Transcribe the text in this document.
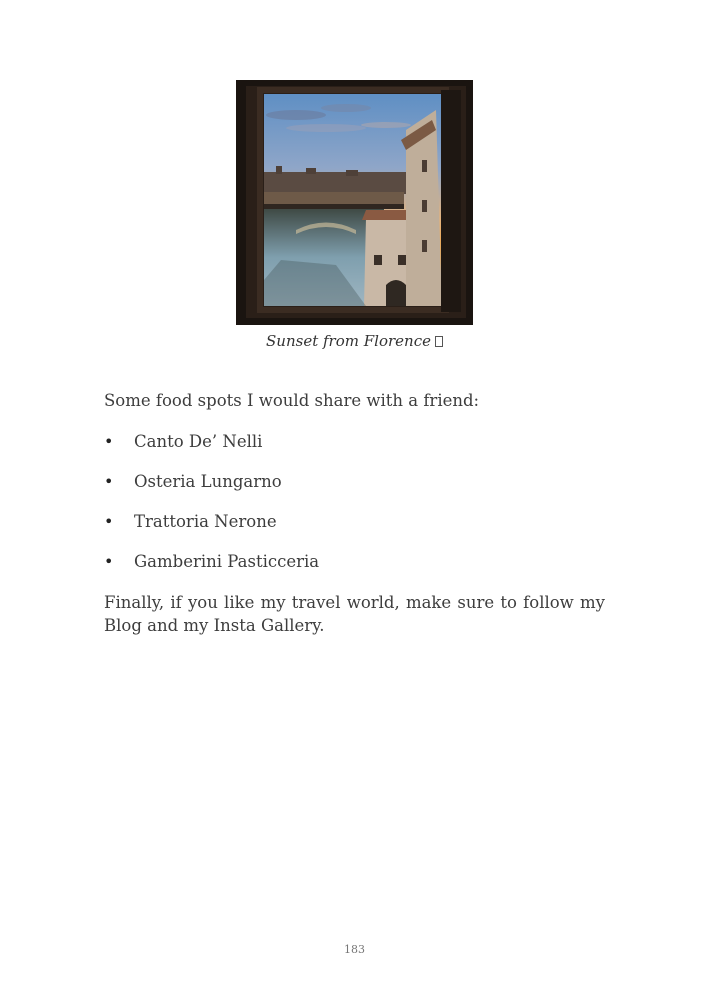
Sunset from Florence
Some food spots I would share with a friend:
• Canto De’ Nelli
• Osteria Lungarno
• Trattoria Nerone
• Gamberini Pasticceria
Finally, if you like my travel world, make sure to follow my Blog and my Insta Gallery.
183
